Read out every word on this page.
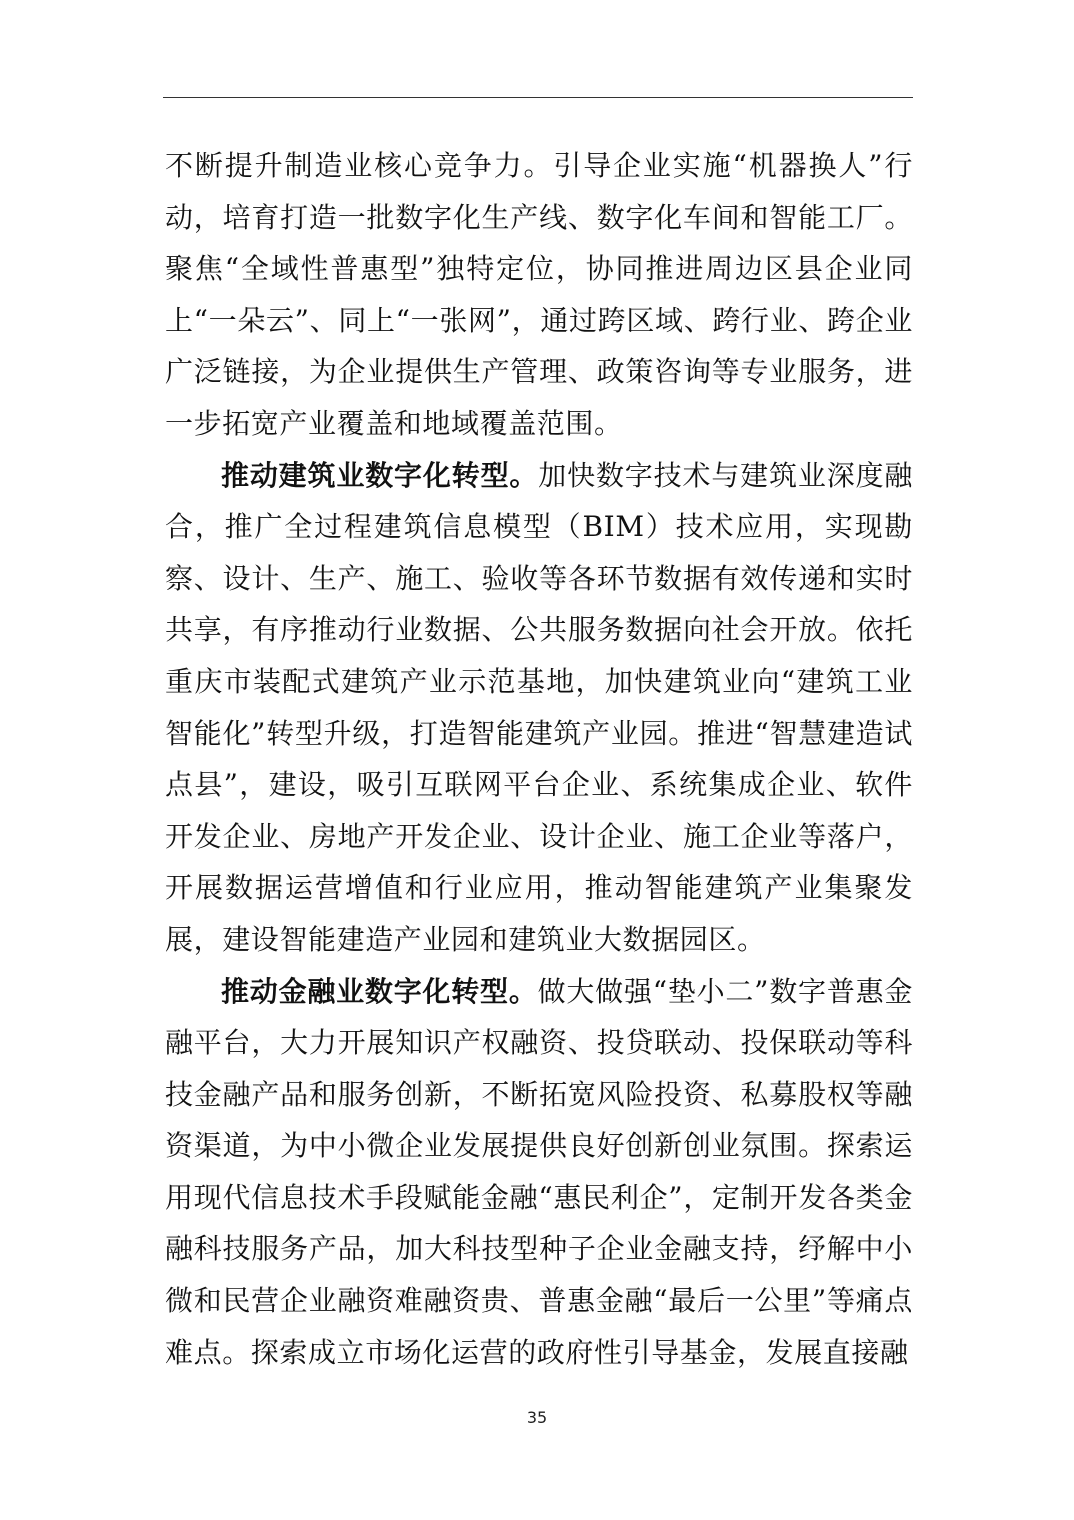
不断提升制造业核心竞争力。引导企业实施“机器换人”行动，培育打造一批数字化生产线、数字化车间和智能工厂。聚焦“全域性普惠型”独特定位，协同推进周边区县企业同上“一朵云”、同上“一张网”，通过跨区域、跨行业、跨企业广泛链接，为企业提供生产管理、政策咨询等专业服务，进一步拓宽产业覆盖和地域覆盖范围。

推动建筑业数字化转型。加快数字技术与建筑业深度融合，推广全过程建筑信息模型（BIM）技术应用，实现勘察、设计、生产、施工、验收等各环节数据有效传递和实时共享，有序推动行业数据、公共服务数据向社会开放。依托重庆市装配式建筑产业示范基地，加快建筑业向“建筑工业智能化”转型升级，打造智能建筑产业园。推进“智慧建造试点县”，建设，吸引互联网平台企业、系统集成企业、软件开发企业、房地产开发企业、设计企业、施工企业等落户，开展数据运营增值和行业应用，推动智能建筑产业集聚发展，建设智能建造产业园和建筑业大数据园区。

推动金融业数字化转型。做大做强“垫小二”数字普惠金融平台，大力开展知识产权融资、投贷联动、投保联动等科技金融产品和服务创新，不断拓宽风险投资、私募股权等融资渠道，为中小微企业发展提供良好创新创业氛围。探索运用现代信息技术手段赋能金融“惠民利企”，定制开发各类金融科技服务产品，加大科技型种子企业金融支持，纾解中小微和民营企业融资难融资贵、普惠金融“最后一公里”等痛点难点。探索成立市场化运营的政府性引导基金，发展直接融

35
